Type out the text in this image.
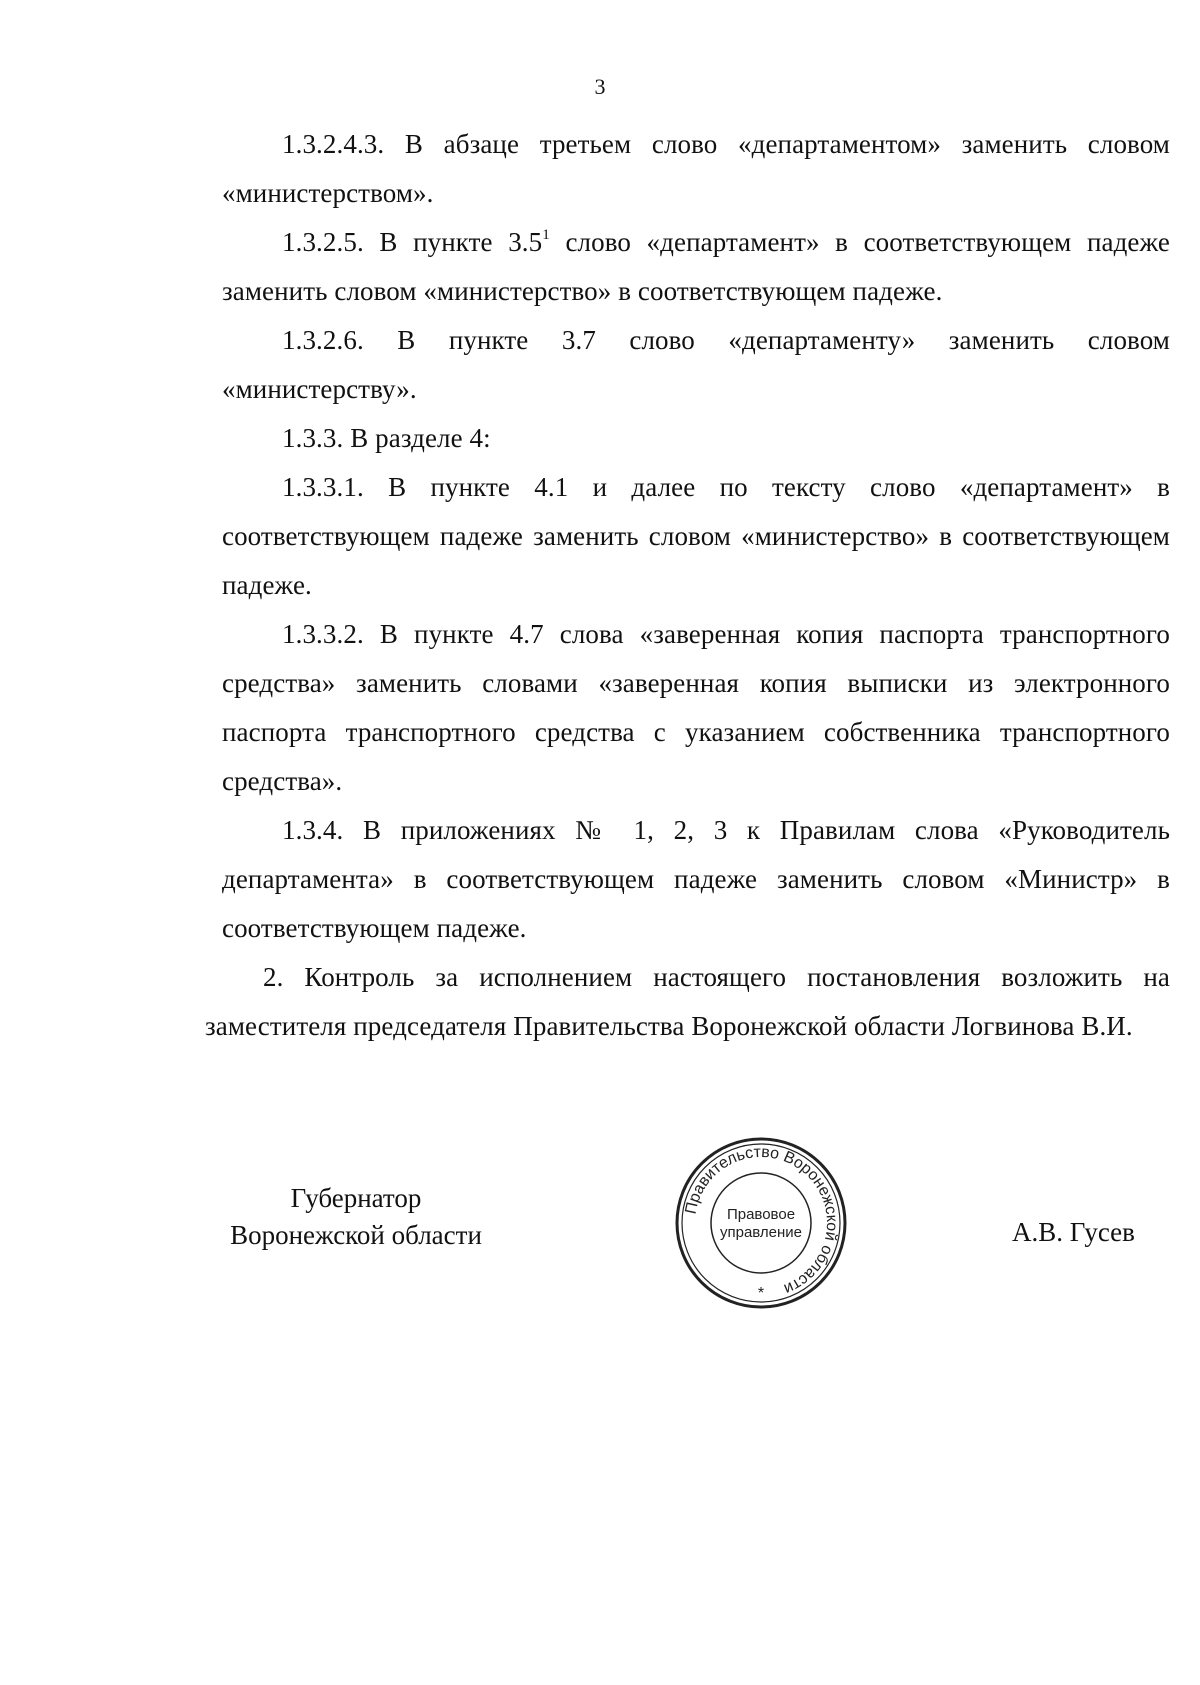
3

1.3.2.4.3. В абзаце третьем слово «департаментом» заменить словом «министерством».

1.3.2.5. В пункте $3.5^1$ слово «департамент» в соответствующем падеже заменить словом «министерство» в соответствующем падеже.

1.3.2.6. В пункте 3.7 слово «департаменту» заменить словом «министерству».

1.3.3. В разделе 4:

1.3.3.1. В пункте 4.1 и далее по тексту слово «департамент» в соответствующем падеже заменить словом «министерство» в соответствующем падеже.

1.3.3.2. В пункте 4.7 слова «заверенная копия паспорта транспортного средства» заменить словами «заверенная копия выписки из электронного паспорта транспортного средства с указанием собственника транспортного средства».

1.3.4. В приложениях № 1, 2, 3 к Правилам слова «Руководитель департамента» в соответствующем падеже заменить словом «Министр» в соответствующем падеже.

2. Контроль за исполнением настоящего постановления возложить на заместителя председателя Правительства Воронежской области Логвинова В.И.

Губернатор
Воронежской области	А.В. Гусев
Правительство Воронежской области
Правовое
управление
*
